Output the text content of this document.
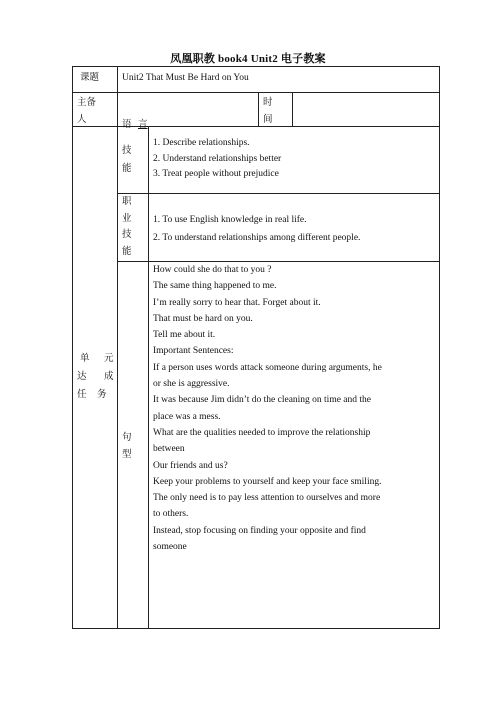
凤凰职教 book4 Unit2 电子教案
课题 Unit2 That Must Be Hard on You
主备
人
时
间
单 元
达 成
任 务
语 言
技
能
1. Describe relationships.
2. Understand relationships better
3. Treat people without prejudice
职
业
技
能
1. To use English knowledge in real life.
2. To understand relationships among different people.
句
型
How could she do that to you ?
The same thing happened to me.
I’m really sorry to hear that. Forget about it.
That must be hard on you.
Tell me about it.
Important Sentences:
If a person uses words attack someone during arguments, he
or she is aggressive.
It was because Jim didn’t do the cleaning on time and the
place was a mess.
What are the qualities needed to improve the relationship
between
Our friends and us?
Keep your problems to yourself and keep your face smiling.
The only need is to pay less attention to ourselves and more
to others.
Instead, stop focusing on finding your opposite and find
someone
